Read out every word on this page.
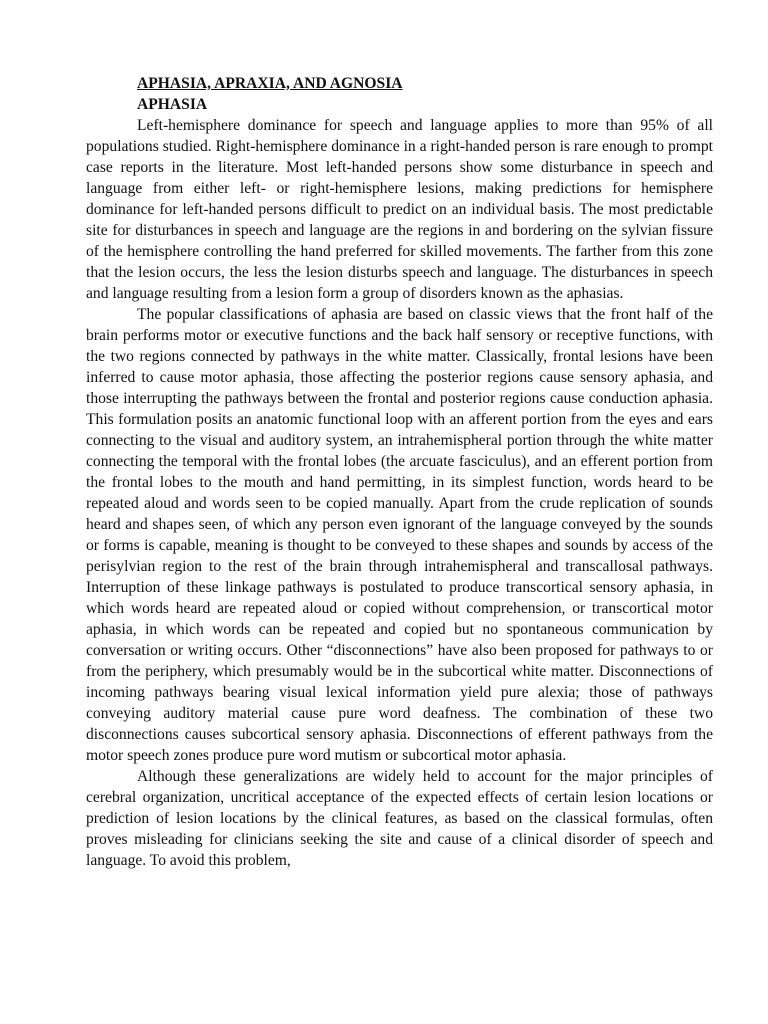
APHASIA, APRAXIA, AND AGNOSIA
APHASIA

Left-hemisphere dominance for speech and language applies to more than 95% of all populations studied. Right-hemisphere dominance in a right-handed person is rare enough to prompt case reports in the literature. Most left-handed persons show some disturbance in speech and language from either left- or right-hemisphere lesions, making predictions for hemisphere dominance for left-handed persons difficult to predict on an individual basis. The most predictable site for disturbances in speech and language are the regions in and bordering on the sylvian fissure of the hemisphere controlling the hand preferred for skilled movements. The farther from this zone that the lesion occurs, the less the lesion disturbs speech and language. The disturbances in speech and language resulting from a lesion form a group of disorders known as the aphasias.

The popular classifications of aphasia are based on classic views that the front half of the brain performs motor or executive functions and the back half sensory or receptive functions, with the two regions connected by pathways in the white matter. Classically, frontal lesions have been inferred to cause motor aphasia, those affecting the posterior regions cause sensory aphasia, and those interrupting the pathways between the frontal and posterior regions cause conduction aphasia. This formulation posits an anatomic functional loop with an afferent portion from the eyes and ears connecting to the visual and auditory system, an intrahemispheral portion through the white matter connecting the temporal with the frontal lobes (the arcuate fasciculus), and an efferent portion from the frontal lobes to the mouth and hand permitting, in its simplest function, words heard to be repeated aloud and words seen to be copied manually. Apart from the crude replication of sounds heard and shapes seen, of which any person even ignorant of the language conveyed by the sounds or forms is capable, meaning is thought to be conveyed to these shapes and sounds by access of the perisylvian region to the rest of the brain through intrahemispheral and transcallosal pathways. Interruption of these linkage pathways is postulated to produce transcortical sensory aphasia, in which words heard are repeated aloud or copied without comprehension, or transcortical motor aphasia, in which words can be repeated and copied but no spontaneous communication by conversation or writing occurs. Other “disconnections” have also been proposed for pathways to or from the periphery, which presumably would be in the subcortical white matter. Disconnections of incoming pathways bearing visual lexical information yield pure alexia; those of pathways conveying auditory material cause pure word deafness. The combination of these two disconnections causes subcortical sensory aphasia. Disconnections of efferent pathways from the motor speech zones produce pure word mutism or subcortical motor aphasia.

Although these generalizations are widely held to account for the major principles of cerebral organization, uncritical acceptance of the expected effects of certain lesion locations or prediction of lesion locations by the clinical features, as based on the classical formulas, often proves misleading for clinicians seeking the site and cause of a clinical disorder of speech and language. To avoid this problem,
